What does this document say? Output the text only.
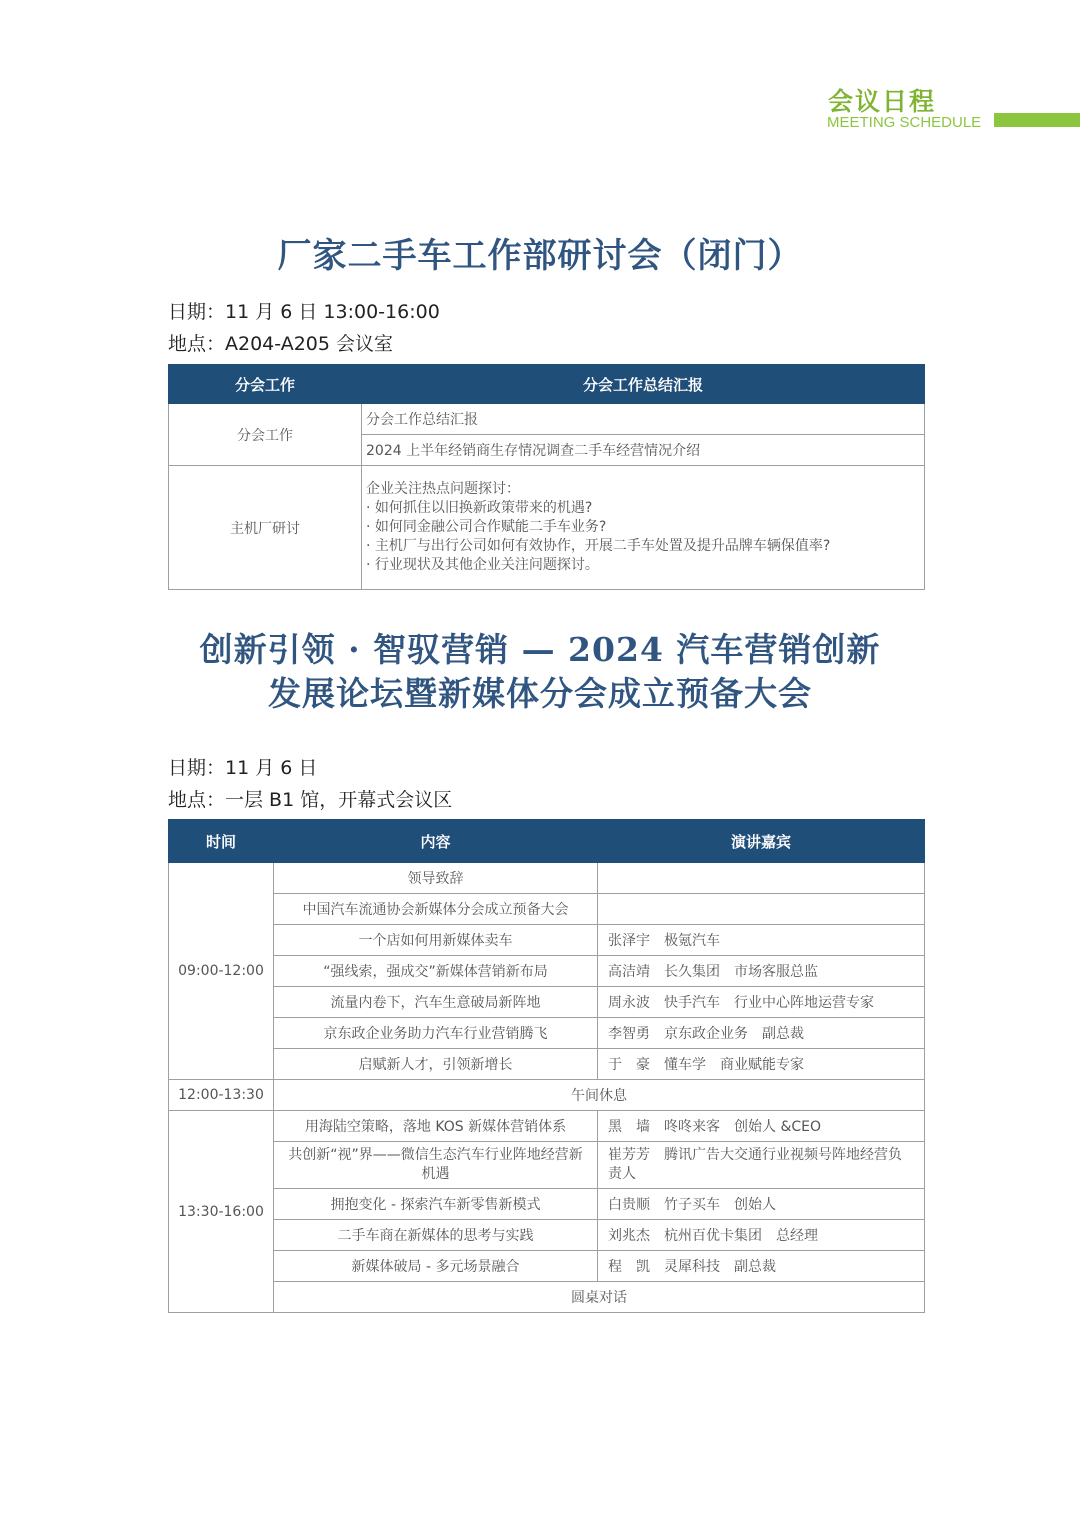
会议日程
MEETING SCHEDULE
厂家二手车工作部研讨会（闭门）
日期：11 月 6 日 13:00-16:00
地点：A204-A205 会议室
分会工作	分会工作总结汇报
分会工作	分会工作总结汇报
	2024 上半年经销商生存情况调查二手车经营情况介绍
主机厂研讨	企业关注热点问题探讨：
· 如何抓住以旧换新政策带来的机遇?
· 如何同金融公司合作赋能二手车业务?
· 主机厂与出行公司如何有效协作，开展二手车处置及提升品牌车辆保值率?
· 行业现状及其他企业关注问题探讨。
创新引领 · 智驭营销 — 2024 汽车营销创新
发展论坛暨新媒体分会成立预备大会
日期：11 月 6 日
地点：一层 B1 馆，开幕式会议区
时间	内容	演讲嘉宾
09:00-12:00	领导致辞	
	中国汽车流通协会新媒体分会成立预备大会	
	一个店如何用新媒体卖车	张泽宇　极氪汽车
	“强线索，强成交”新媒体营销新布局	高洁靖　长久集团　市场客服总监
	流量内卷下，汽车生意破局新阵地	周永波　快手汽车　行业中心阵地运营专家
	京东政企业务助力汽车行业营销腾飞	李智勇　京东政企业务　副总裁
	启赋新人才，引领新增长	于　豪　懂车学　商业赋能专家
12:00-13:30	午间休息	
13:30-16:00	用海陆空策略，落地 KOS 新媒体营销体系	黑　墙　咚咚来客　创始人 &CEO
	共创新“视”界——微信生态汽车行业阵地经营新机遇	崔芳芳　腾讯广告大交通行业视频号阵地经营负责人
	拥抱变化 - 探索汽车新零售新模式	白贵顺　竹子买车　创始人
	二手车商在新媒体的思考与实践	刘兆杰　杭州百优卡集团　总经理
	新媒体破局 - 多元场景融合	程　凯　灵犀科技　副总裁
	圆桌对话	
